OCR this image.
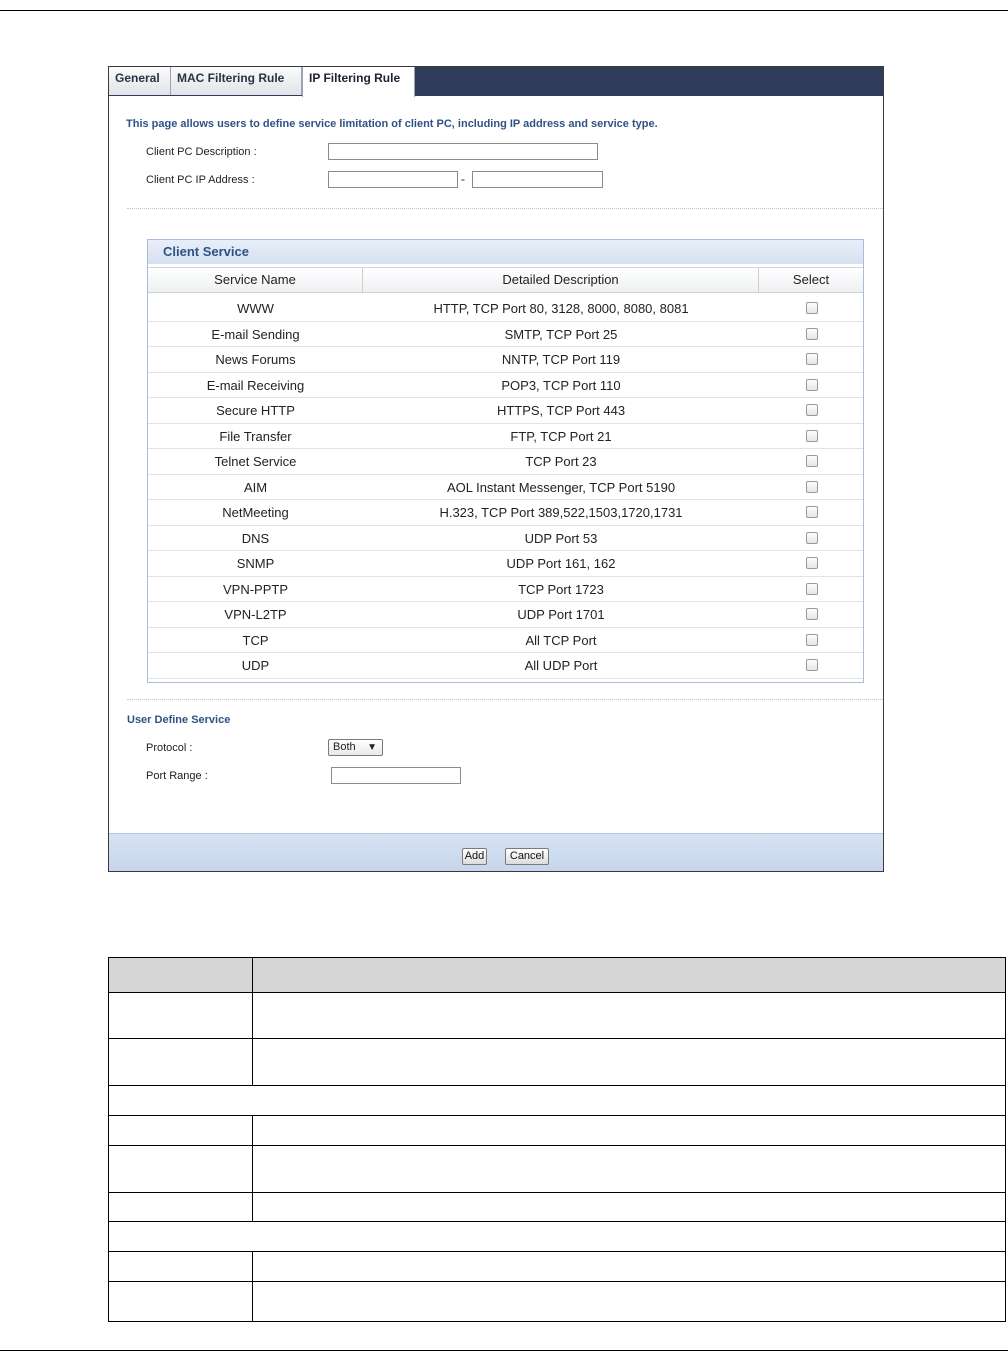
General	MAC Filtering Rule	IP Filtering Rule
This page allows users to define service limitation of client PC, including IP address and service type.
Client PC Description :
Client PC IP Address :	-
Client Service
Service Name	Detailed Description	Select
WWW	HTTP, TCP Port 80, 3128, 8000, 8080, 8081
E-mail Sending	SMTP, TCP Port 25
News Forums	NNTP, TCP Port 119
E-mail Receiving	POP3, TCP Port 110
Secure HTTP	HTTPS, TCP Port 443
File Transfer	FTP, TCP Port 21
Telnet Service	TCP Port 23
AIM	AOL Instant Messenger, TCP Port 5190
NetMeeting	H.323, TCP Port 389,522,1503,1720,1731
DNS	UDP Port 53
SNMP	UDP Port 161, 162
VPN-PPTP	TCP Port 1723
VPN-L2TP	UDP Port 1701
TCP	All TCP Port
UDP	All UDP Port
User Define Service
Protocol :	Both ▼
Port Range :
Add	Cancel
